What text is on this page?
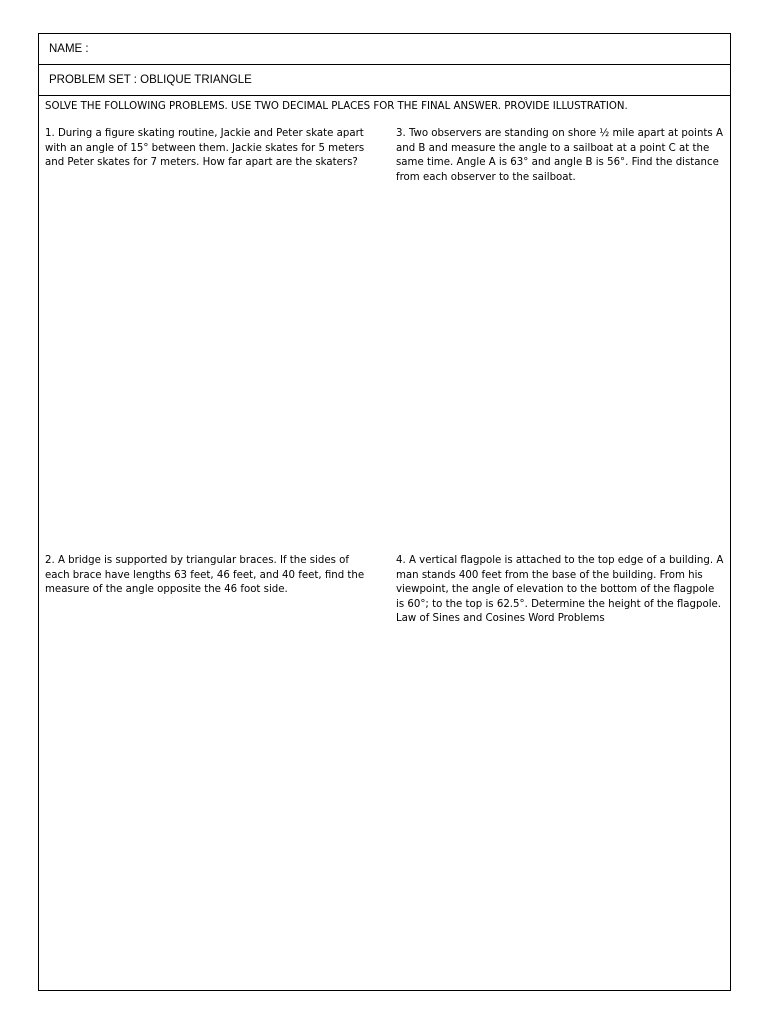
NAME :
PROBLEM SET : OBLIQUE TRIANGLE
SOLVE THE FOLLOWING PROBLEMS. USE TWO DECIMAL PLACES FOR THE FINAL ANSWER. PROVIDE ILLUSTRATION.
1. During a figure skating routine, Jackie and Peter skate apart with an angle of 15° between them. Jackie skates for 5 meters and Peter skates for 7 meters. How far apart are the skaters?
3. Two observers are standing on shore ½ mile apart at points A and B and measure the angle to a sailboat at a point C at the same time. Angle A is 63° and angle B is 56°. Find the distance from each observer to the sailboat.
2. A bridge is supported by triangular braces. If the sides of each brace have lengths 63 feet, 46 feet, and 40 feet, find the measure of the angle opposite the 46 foot side.
4. A vertical flagpole is attached to the top edge of a building. A man stands 400 feet from the base of the building. From his viewpoint, the angle of elevation to the bottom of the flagpole is 60°; to the top is 62.5°. Determine the height of the flagpole. Law of Sines and Cosines Word Problems
